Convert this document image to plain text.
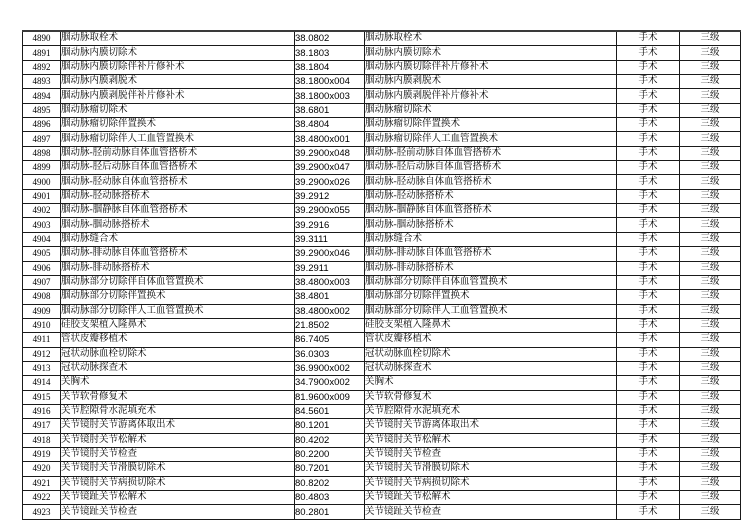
4890	腘动脉取栓术	38.0802	腘动脉取栓术	手术	三级
4891	腘动脉内膜切除术	38.1803	腘动脉内膜切除术	手术	三级
4892	腘动脉内膜切除伴补片修补术	38.1804	腘动脉内膜切除伴补片修补术	手术	三级
4893	腘动脉内膜剥脱术	38.1800x004	腘动脉内膜剥脱术	手术	三级
4894	腘动脉内膜剥脱伴补片修补术	38.1800x003	腘动脉内膜剥脱伴补片修补术	手术	三级
4895	腘动脉瘤切除术	38.6801	腘动脉瘤切除术	手术	三级
4896	腘动脉瘤切除伴置换术	38.4804	腘动脉瘤切除伴置换术	手术	三级
4897	腘动脉瘤切除伴人工血管置换术	38.4800x001	腘动脉瘤切除伴人工血管置换术	手术	三级
4898	腘动脉-胫前动脉自体血管搭桥术	39.2900x048	腘动脉-胫前动脉自体血管搭桥术	手术	三级
4899	腘动脉-胫后动脉自体血管搭桥术	39.2900x047	腘动脉-胫后动脉自体血管搭桥术	手术	三级
4900	腘动脉-胫动脉自体血管搭桥术	39.2900x026	腘动脉-胫动脉自体血管搭桥术	手术	三级
4901	腘动脉-胫动脉搭桥术	39.2912	腘动脉-胫动脉搭桥术	手术	三级
4902	腘动脉-腘静脉自体血管搭桥术	39.2900x055	腘动脉-腘静脉自体血管搭桥术	手术	三级
4903	腘动脉-腘动脉搭桥术	39.2916	腘动脉-腘动脉搭桥术	手术	三级
4904	腘动脉缝合术	39.3111	腘动脉缝合术	手术	三级
4905	腘动脉-腓动脉自体血管搭桥术	39.2900x046	腘动脉-腓动脉自体血管搭桥术	手术	三级
4906	腘动脉-腓动脉搭桥术	39.2911	腘动脉-腓动脉搭桥术	手术	三级
4907	腘动脉部分切除伴自体血管置换术	38.4800x003	腘动脉部分切除伴自体血管置换术	手术	三级
4908	腘动脉部分切除伴置换术	38.4801	腘动脉部分切除伴置换术	手术	三级
4909	腘动脉部分切除伴人工血管置换术	38.4800x002	腘动脉部分切除伴人工血管置换术	手术	三级
4910	硅胶支架植入隆鼻术	21.8502	硅胶支架植入隆鼻术	手术	三级
4911	管状皮瓣移植术	86.7405	管状皮瓣移植术	手术	三级
4912	冠状动脉血栓切除术	36.0303	冠状动脉血栓切除术	手术	三级
4913	冠状动脉探查术	36.9900x002	冠状动脉探查术	手术	三级
4914	关胸术	34.7900x002	关胸术	手术	三级
4915	关节软骨修复术	81.9600x009	关节软骨修复术	手术	三级
4916	关节腔隙骨水泥填充术	84.5601	关节腔隙骨水泥填充术	手术	三级
4917	关节镜肘关节游离体取出术	80.1201	关节镜肘关节游离体取出术	手术	三级
4918	关节镜肘关节松解术	80.4202	关节镜肘关节松解术	手术	三级
4919	关节镜肘关节检查	80.2200	关节镜肘关节检查	手术	三级
4920	关节镜肘关节滑膜切除术	80.7201	关节镜肘关节滑膜切除术	手术	三级
4921	关节镜肘关节病损切除术	80.8202	关节镜肘关节病损切除术	手术	三级
4922	关节镜趾关节松解术	80.4803	关节镜趾关节松解术	手术	三级
4923	关节镜趾关节检查	80.2801	关节镜趾关节检查	手术	三级
